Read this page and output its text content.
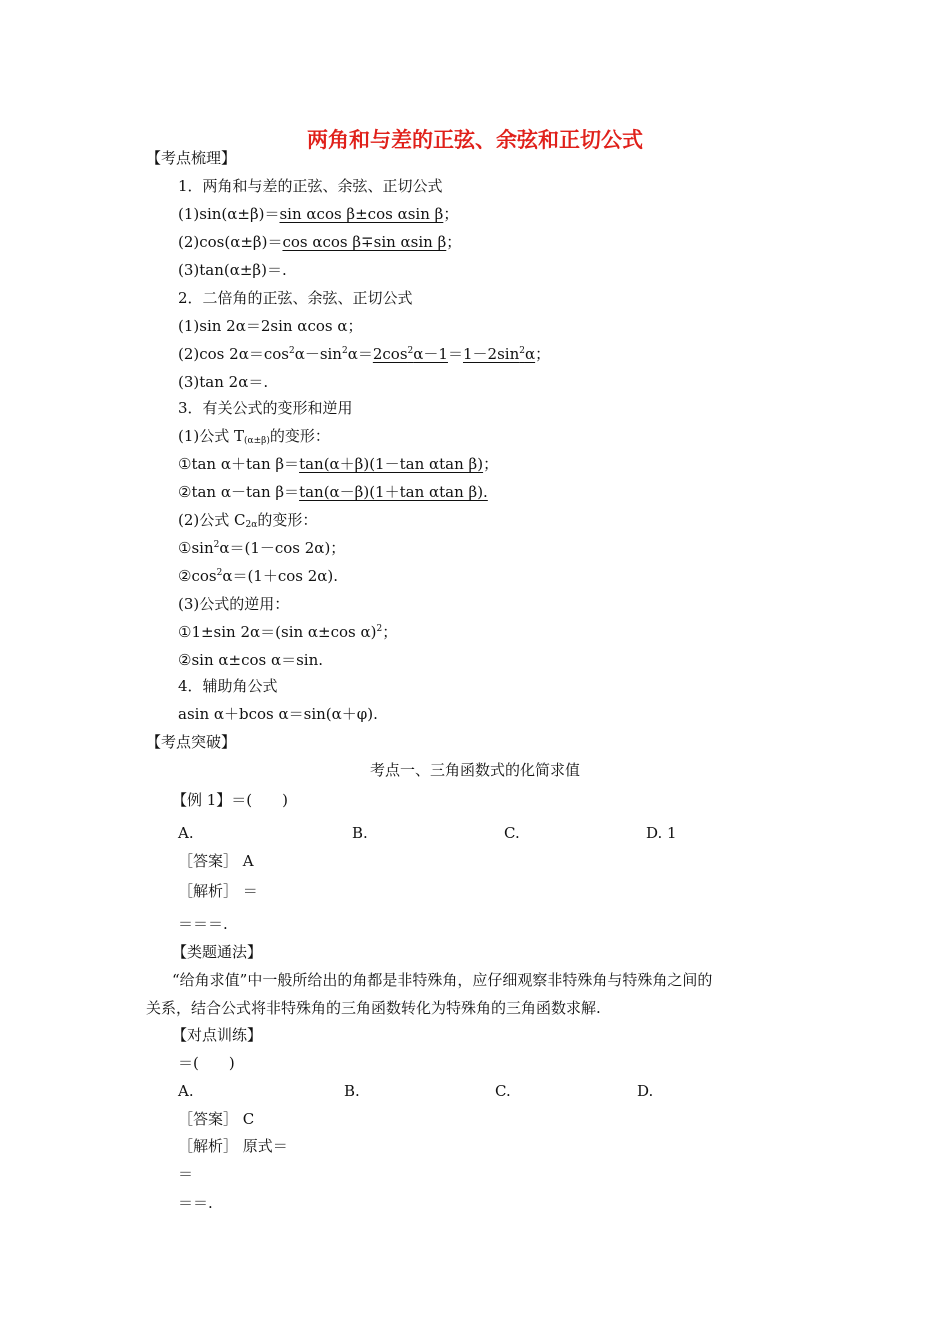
两角和与差的正弦、余弦和正切公式
【考点梳理】
1．两角和与差的正弦、余弦、正切公式
(1)sin(α±β)＝sin αcos β±cos αsin β；
(2)cos(α±β)＝cos αcos β∓sin αsin β；
(3)tan(α±β)＝.
2．二倍角的正弦、余弦、正切公式
(1)sin 2α＝2sin αcos α；
(2)cos $2\alpha=\cos^2\alpha-\sin^2\alpha=2\cos^2\alpha-1=1-2\sin^2\alpha$；
(3)tan 2α＝.
3．有关公式的变形和逆用
(1)公式 $T_{(\alpha\pm\beta)}$的变形：
①tan α＋tan β＝tan(α＋β)(1－tan αtan β)；
②tan α－tan β＝tan(α－β)(1＋tan αtan β).
(2)公式 $C_{2\alpha}$的变形：
$①\sin^2\alpha=(1-\cos$ 2α)；
$②\cos^2\alpha=(1+\cos$ 2α).
(3)公式的逆用：
①1±sin 2α＝(sin α±cos α)$^2$；
②sin α±cos α＝sin.
4．辅助角公式
asin α＋bcos α＝sin(α＋φ).
【考点突破】
考点一、三角函数式的化简求值
【例 1】＝(　　)
A.	B.	C.	D. 1
［答案］ A
［解析］ ＝
＝＝＝.
【类题通法】
“给角求值”中一般所给出的角都是非特殊角，应仔细观察非特殊角与特殊角之间的
关系，结合公式将非特殊角的三角函数转化为特殊角的三角函数求解.
【对点训练】
＝(　　)
A.	B.	C.	D.
［答案］ C
［解析］ 原式＝
＝
＝＝.
